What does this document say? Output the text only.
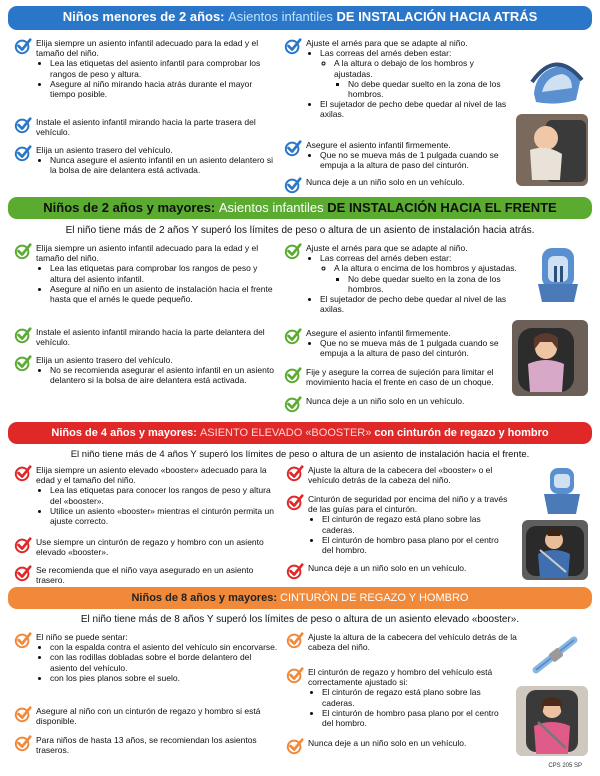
Niños menores de 2 años: Asientos infantiles DE INSTALACIÓN HACIA ATRÁS
Elija siempre un asiento infantil adecuado para la edad y el tamaño del niño.
• Lea las etiquetas del asiento infantil para comprobar los rangos de peso y altura.
• Asegure al niño mirando hacia atrás durante el mayor tiempo posible.
Instale el asiento infantil mirando hacia la parte trasera del vehículo.
Elija un asiento trasero del vehículo.
• Nunca asegure el asiento infantil en un asiento delantero si la bolsa de aire delantera está activada.
Ajuste el arnés para que se adapte al niño.
• Las correas del arnés deben estar:
◦ A la altura o debajo de los hombros y ajustadas.
▪ No debe quedar suelto en la zona de los hombros.
• El sujetador de pecho debe quedar al nivel de las axilas.
Asegure el asiento infantil firmemente.
• Que no se mueva más de 1 pulgada cuando se empuja a la altura de paso del cinturón.
Nunca deje a un niño solo en un vehículo.
Niños de 2 años y mayores: Asientos infantiles DE INSTALACIÓN HACIA EL FRENTE
El niño tiene más de 2 años Y superó los límites de peso o altura de un asiento de instalación hacia atrás.
Elija siempre un asiento infantil adecuado para la edad y el tamaño del niño.
• Lea las etiquetas para comprobar los rangos de peso y altura del asiento infantil.
• Asegure al niño en un asiento de instalación hacia el frente hasta que el arnés le quede pequeño.
Instale el asiento infantil mirando hacia la parte delantera del vehículo.
Elija un asiento trasero del vehículo.
• No se recomienda asegurar el asiento infantil en un asiento delantero si la bolsa de aire delantera está activada.
Ajuste el arnés para que se adapte al niño.
• Las correas del arnés deben estar:
◦ A la altura o encima de los hombros y ajustadas.
▪ No debe quedar suelto en la zona de los hombros.
• El sujetador de pecho debe quedar al nivel de las axilas.
Asegure el asiento infantil firmemente.
• Que no se mueva más de 1 pulgada cuando se empuja a la altura de paso del cinturón.
Fije y asegure la correa de sujeción para limitar el movimiento hacia el frente en caso de un choque.
Nunca deje a un niño solo en un vehículo.
Niños de 4 años y mayores: ASIENTO ELEVADO «BOOSTER» con cinturón de regazo y hombro
El niño tiene más de 4 años Y superó los límites de peso o altura de un asiento de instalación hacia el frente.
Elija siempre un asiento elevado «booster» adecuado para la edad y el tamaño del niño.
• Lea las etiquetas para conocer los rangos de peso y altura del «booster».
• Utilice un asiento «booster» mientras el cinturón permita un ajuste correcto.
Use siempre un cinturón de regazo y hombro con un asiento elevado «booster».
Se recomienda que el niño vaya asegurado en un asiento trasero.
Ajuste la altura de la cabecera del «booster» o el vehículo detrás de la cabeza del niño.
Cinturón de seguridad por encima del niño y a través de las guías para el cinturón.
• El cinturón de regazo está plano sobre las caderas.
• El cinturón de hombro pasa plano por el centro del hombro.
Nunca deje a un niño solo en un vehículo.
Niños de 8 años y mayores: CINTURÓN DE REGAZO Y HOMBRO
El niño tiene más de 8 años Y superó los límites de peso o altura de un asiento elevado «booster».
El niño se puede sentar:
• con la espalda contra el asiento del vehículo sin encorvarse.
• con las rodillas dobladas sobre el borde delantero del asiento del vehículo.
• con los pies planos sobre el suelo.
Asegure al niño con un cinturón de regazo y hombro si está disponible.
Para niños de hasta 13 años, se recomiendan los asientos traseros.
Ajuste la altura de la cabecera del vehículo detrás de la cabeza del niño.
El cinturón de regazo y hombro del vehículo está correctamente ajustado si:
• El cinturón de regazo está plano sobre las caderas.
• El cinturón de hombro pasa plano por el centro del hombro.
Nunca deje a un niño solo en un vehículo.
CPS 205 SP
